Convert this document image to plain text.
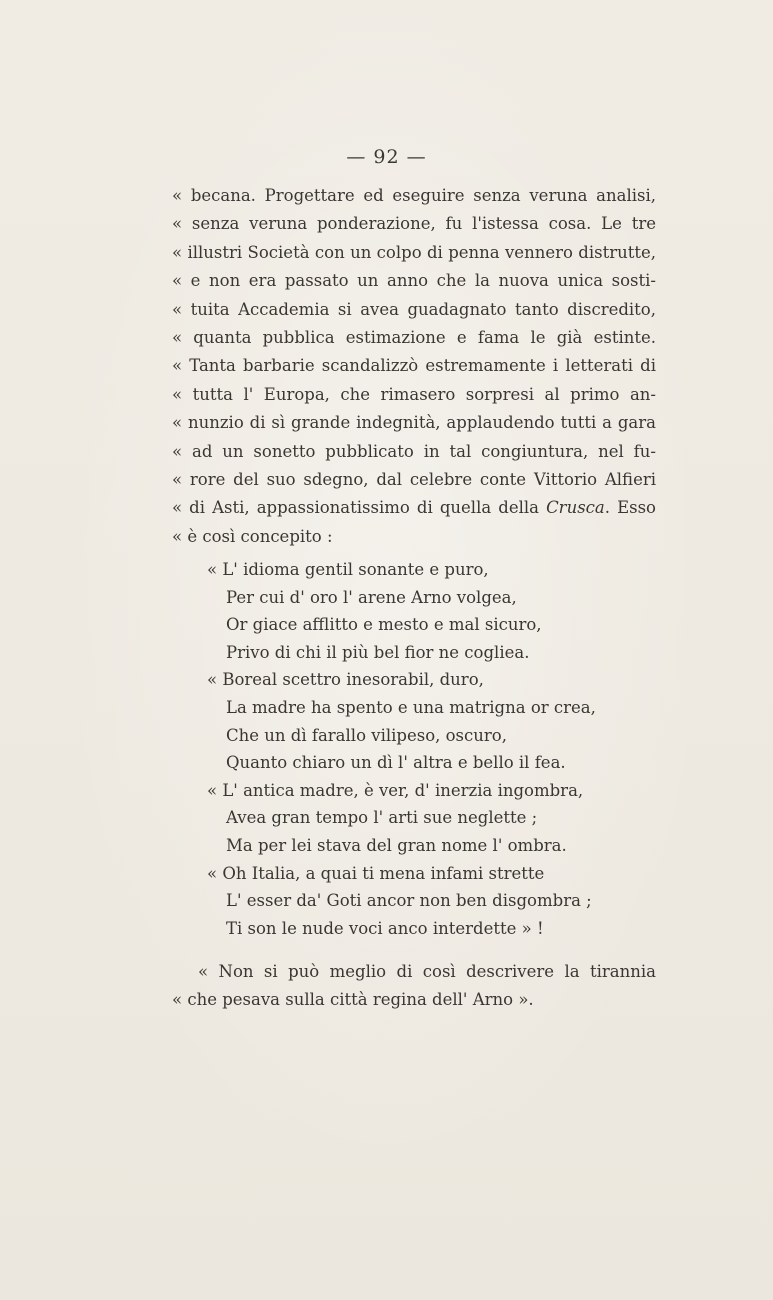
— 92 —
« becana. Progettare ed eseguire senza veruna analisi,
« senza veruna ponderazione, fu l'istessa cosa. Le tre
« illustri Società con un colpo di penna vennero distrutte,
« e non era passato un anno che la nuova unica sosti-
« tuita Accademia si avea guadagnato tanto discredito,
« quanta pubblica estimazione e fama le già estinte.
« Tanta barbarie scandalizzò estremamente i letterati di
« tutta l' Europa, che rimasero sorpresi al primo an-
« nunzio di sì grande indegnità, applaudendo tutti a gara
« ad un sonetto pubblicato in tal congiuntura, nel fu-
« rore del suo sdegno, dal celebre conte Vittorio Alfieri
« di Asti, appassionatissimo di quella della Crusca. Esso
« è così concepito :
« L' idioma gentil sonante e puro,
Per cui d' oro l' arene Arno volgea,
Or giace afflitto e mesto e mal sicuro,
Privo di chi il più bel fior ne cogliea.
« Boreal scettro inesorabil, duro,
La madre ha spento e una matrigna or crea,
Che un dì farallo vilipeso, oscuro,
Quanto chiaro un dì l' altra e bello il fea.
« L' antica madre, è ver, d' inerzia ingombra,
Avea gran tempo l' arti sue neglette ;
Ma per lei stava del gran nome l' ombra.
« Oh Italia, a quai ti mena infami strette
L' esser da' Goti ancor non ben disgombra ;
Ti son le nude voci anco interdette » !
« Non si può meglio di così descrivere la tirannia
« che pesava sulla città regina dell' Arno ».
